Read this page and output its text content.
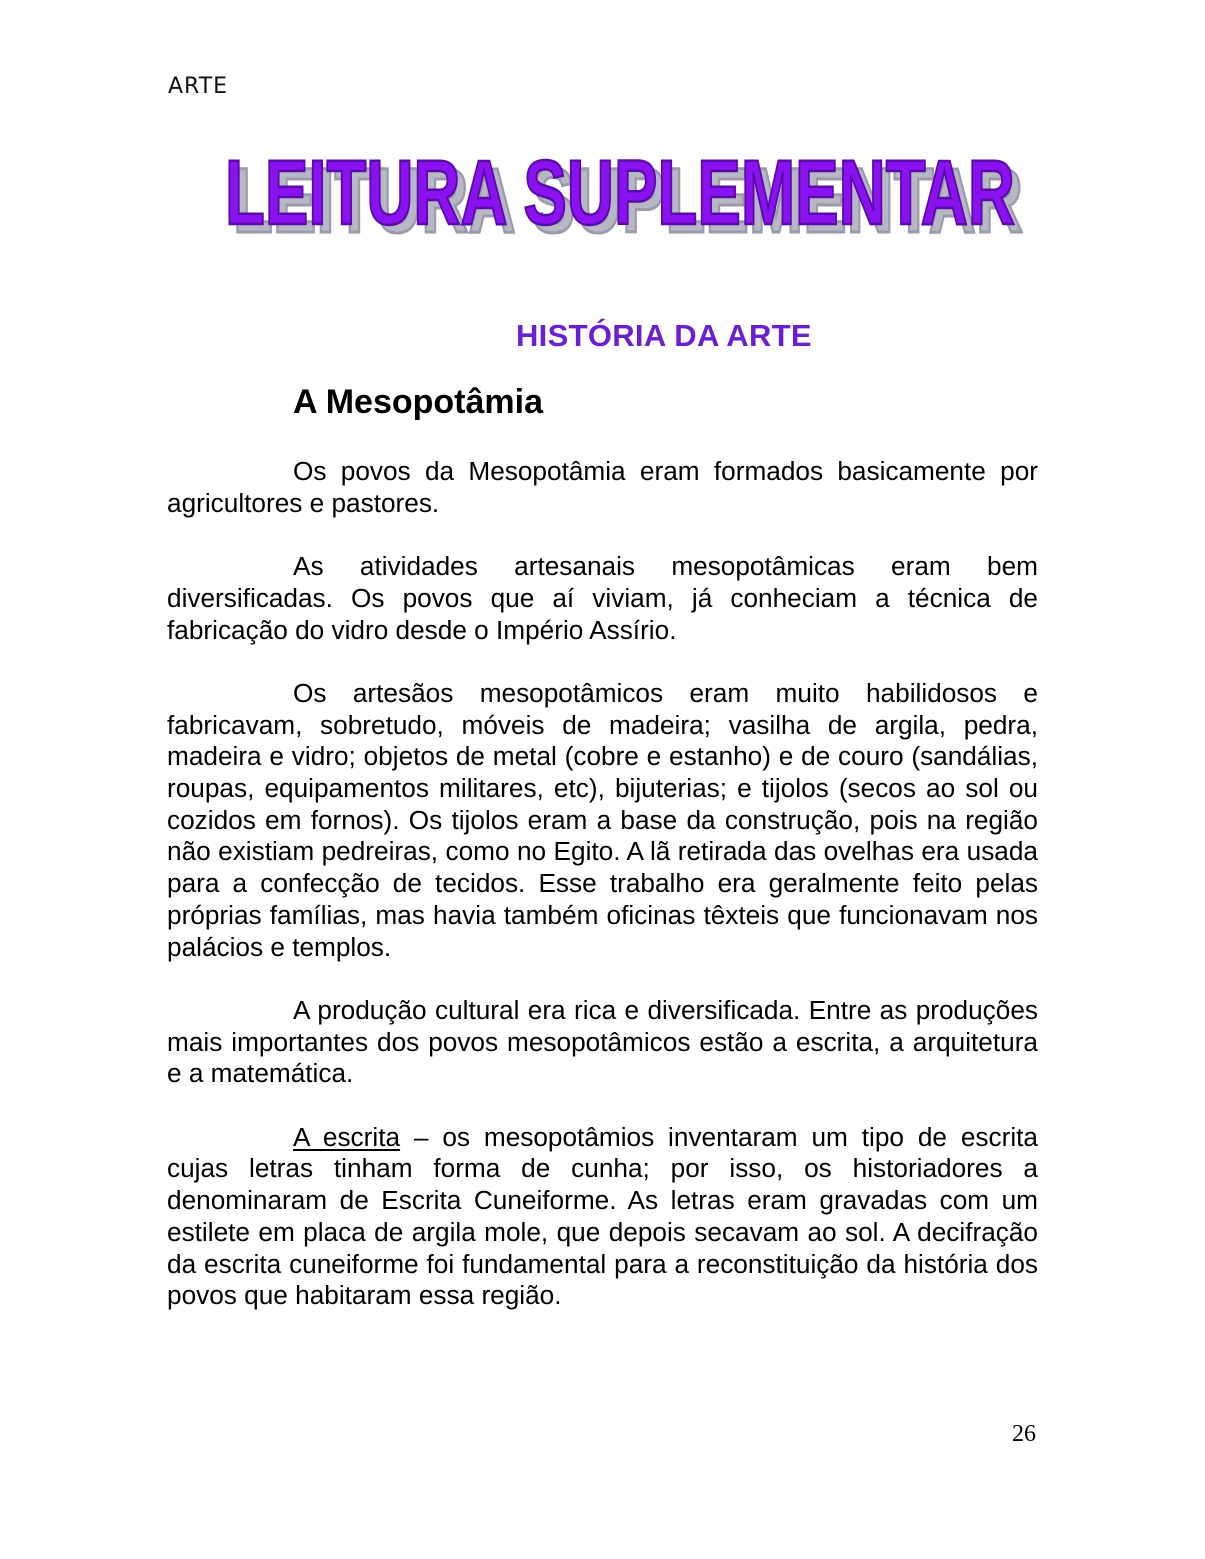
ARTE
LEITURA SUPLEMENTAR
LEITURA SUPLEMENTAR
HISTÓRIA DA ARTE
A Mesopotâmia

Os povos da Mesopotâmia eram formados basicamente por agricultores e pastores.

As atividades artesanais mesopotâmicas eram bem diversificadas. Os povos que aí viviam, já conheciam a técnica de fabricação do vidro desde o Império Assírio.

Os artesãos mesopotâmicos eram muito habilidosos e fabricavam, sobretudo, móveis de madeira; vasilha de argila, pedra, madeira e vidro; objetos de metal (cobre e estanho) e de couro (sandálias, roupas, equipamentos militares, etc), bijuterias; e tijolos (secos ao sol ou cozidos em fornos). Os tijolos eram a base da construção, pois na região não existiam pedreiras, como no Egito. A lã retirada das ovelhas era usada para a confecção de tecidos. Esse trabalho era geralmente feito pelas próprias famílias, mas havia também oficinas têxteis que funcionavam nos palácios e templos.

A produção cultural era rica e diversificada. Entre as produções mais importantes dos povos mesopotâmicos estão a escrita, a arquitetura e a matemática.

A escrita – os mesopotâmios inventaram um tipo de escrita cujas letras tinham forma de cunha; por isso, os historiadores a denominaram de Escrita Cuneiforme. As letras eram gravadas com um estilete em placa de argila mole, que depois secavam ao sol. A decifração da escrita cuneiforme foi fundamental para a reconstituição da história dos povos que habitaram essa região.

26
